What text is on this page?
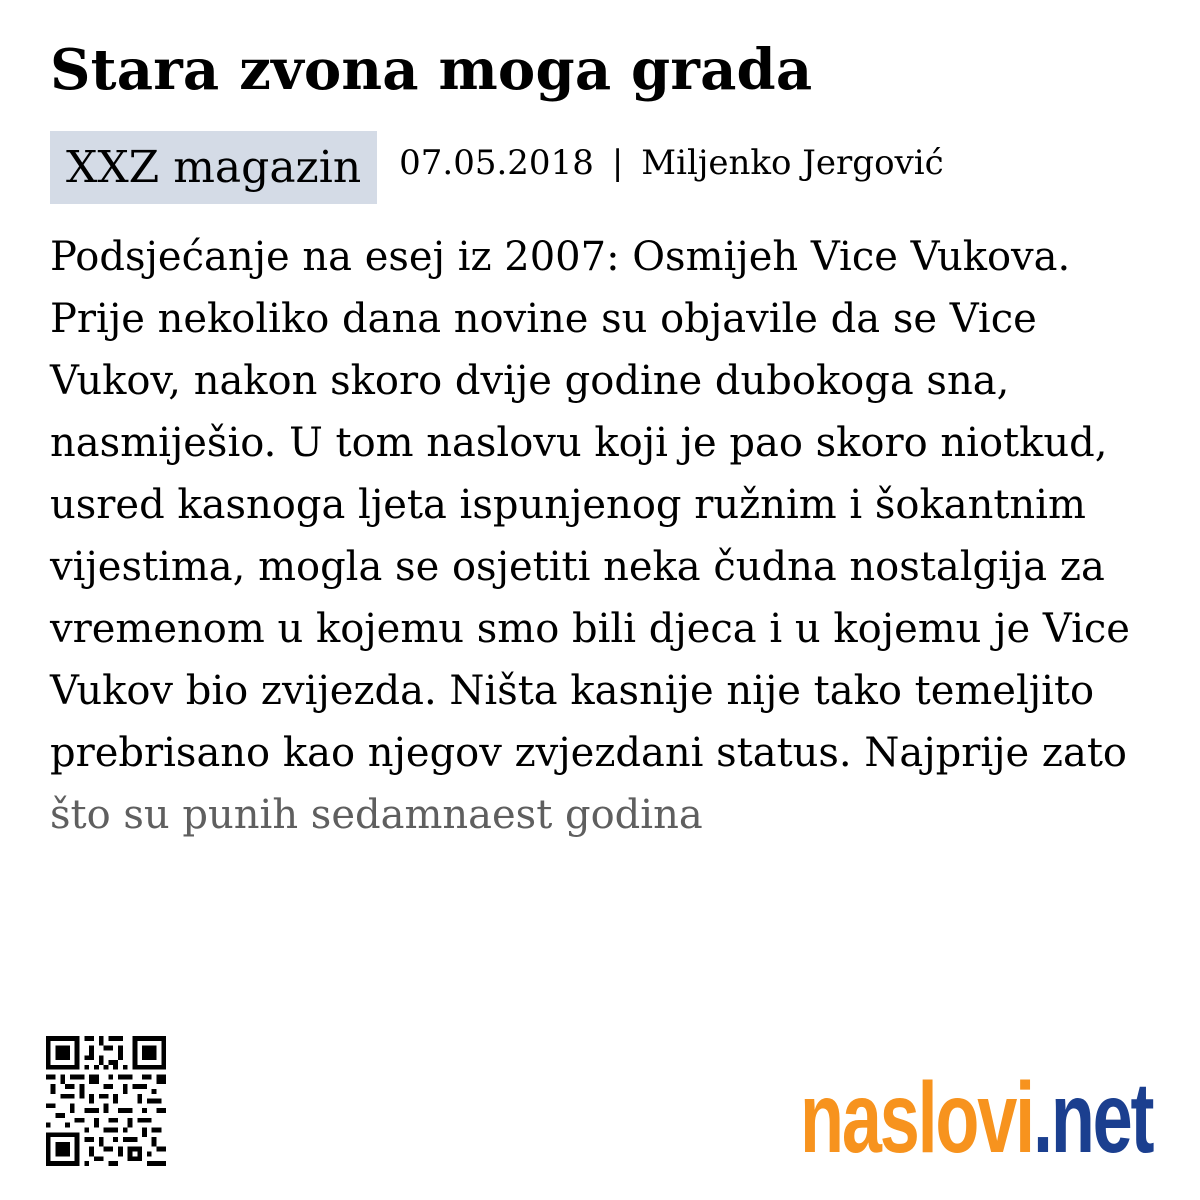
Stara zvona moga grada
XXZ magazin	07.05.2018 | Miljenko Jergović
Podsjećanje na esej iz 2007: Osmijeh Vice Vukova.
Prije nekoliko dana novine su objavile da se Vice
Vukov, nakon skoro dvije godine dubokoga sna,
nasmiješio. U tom naslovu koji je pao skoro niotkud,
usred kasnoga ljeta ispunjenog ružnim i šokantnim
vijestima, mogla se osjetiti neka čudna nostalgija za
vremenom u kojemu smo bili djeca i u kojemu je Vice
Vukov bio zvijezda. Ništa kasnije nije tako temeljito
prebrisano kao njegov zvjezdani status. Najprije zato
što su punih sedamnaest godina
naslovi.net
